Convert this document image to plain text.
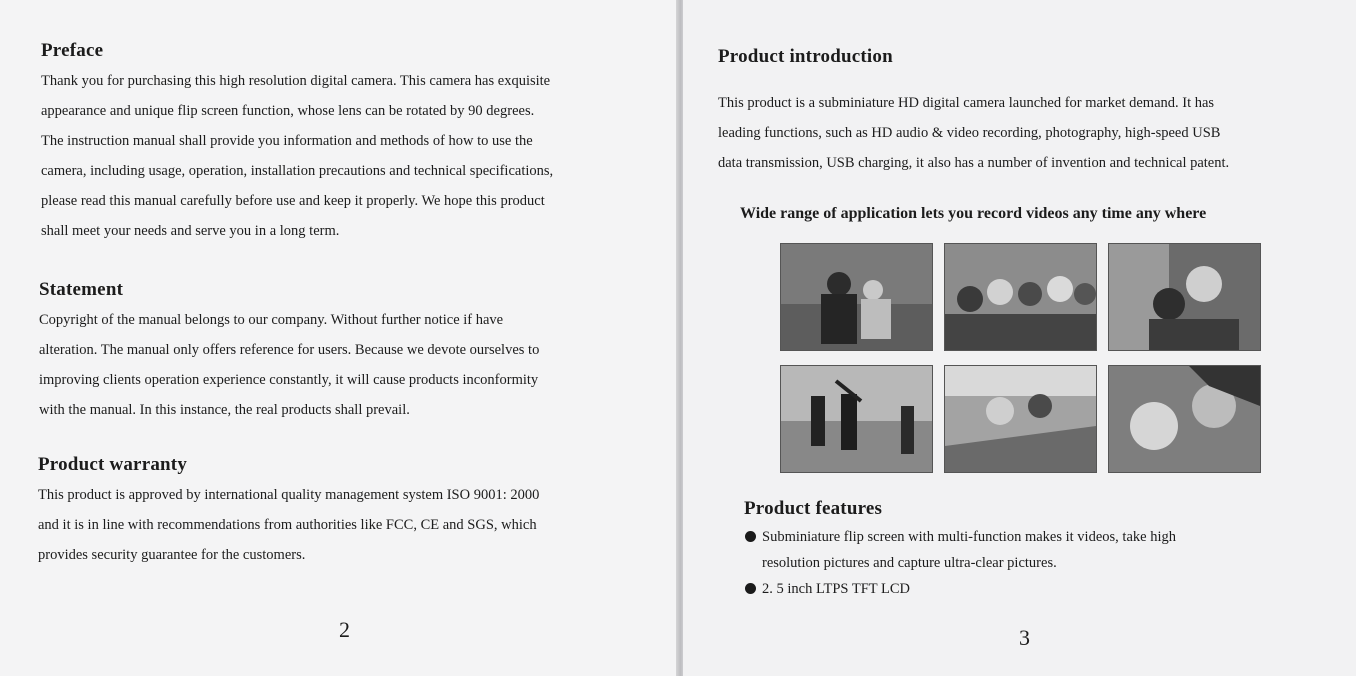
Preface

Thank you for purchasing this high resolution digital camera. This camera has exquisite

appearance and unique flip screen function, whose lens can be rotated by 90 degrees.

The instruction manual shall provide you information and methods of how to use the

camera, including usage, operation, installation precautions and technical specifications,

please read this manual carefully before use and keep it properly. We hope this product

shall meet your needs and serve you in a long term.

Statement

Copyright of the manual belongs to our company. Without further notice if have

alteration. The manual only offers reference for users. Because we devote ourselves to

improving clients operation experience constantly, it will cause products inconformity

with the manual. In this instance, the real products shall prevail.

Product warranty

This product is approved by international quality management system ISO 9001: 2000

and it is in line with recommendations from authorities like FCC, CE and SGS, which

provides security guarantee for the customers.

2
Product introduction

This product is a subminiature HD digital camera launched for market demand. It has

leading functions, such as HD audio & video recording, photography, high-speed USB

data transmission, USB charging, it also has a number of invention and technical patent.

Wide range of application lets you record videos any time any where
Product features
Subminiature flip screen with multi-function makes it videos, take high
resolution pictures and capture ultra-clear pictures.
2. 5 inch LTPS TFT LCD
3
